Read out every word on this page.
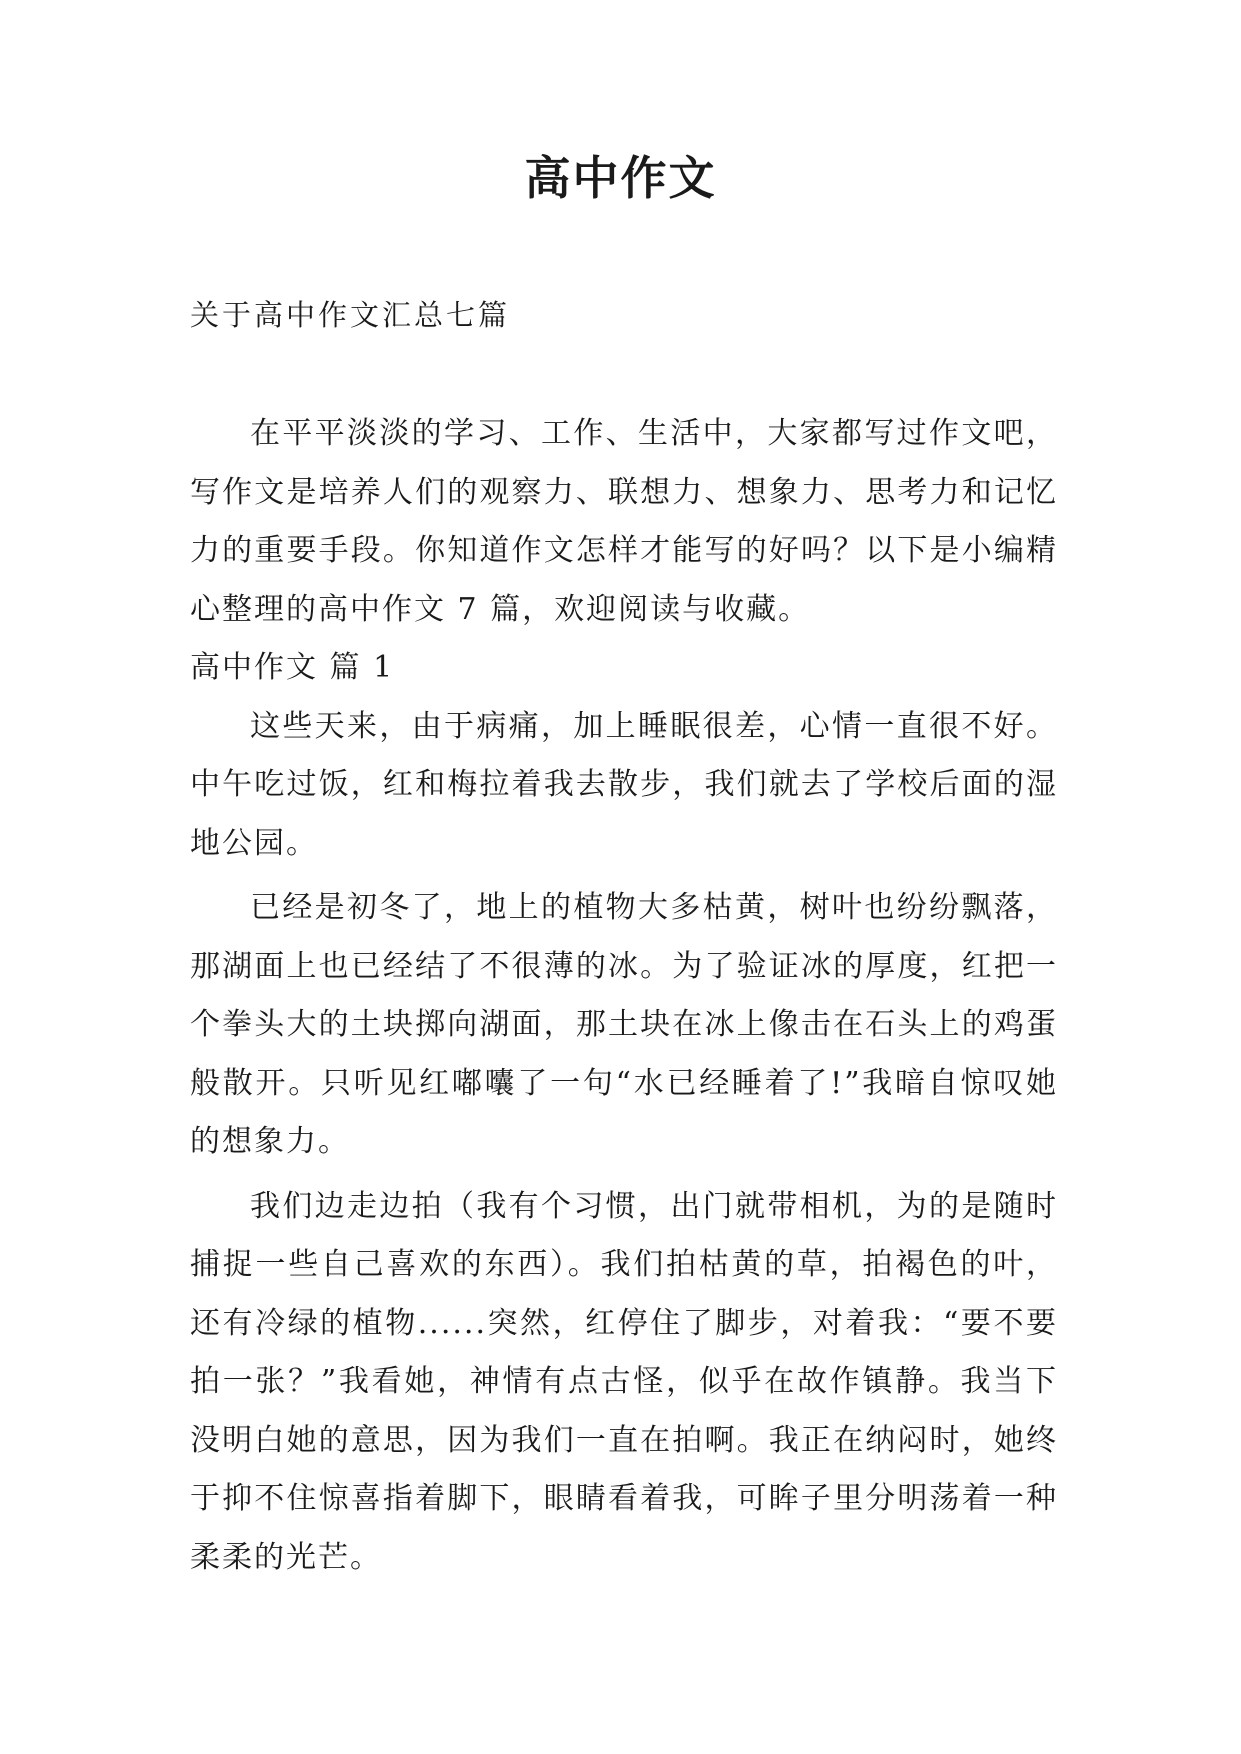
高中作文

关于高中作文汇总七篇

在平平淡淡的学习、工作、生活中，大家都写过作文吧，写作文是培养人们的观察力、联想力、想象力、思考力和记忆力的重要手段。你知道作文怎样才能写的好吗？以下是小编精心整理的高中作文 7 篇，欢迎阅读与收藏。

高中作文 篇 1

这些天来，由于病痛，加上睡眠很差，心情一直很不好。中午吃过饭，红和梅拉着我去散步，我们就去了学校后面的湿地公园。

已经是初冬了，地上的植物大多枯黄，树叶也纷纷飘落，那湖面上也已经结了不很薄的冰。为了验证冰的厚度，红把一个拳头大的土块掷向湖面，那土块在冰上像击在石头上的鸡蛋般散开。只听见红嘟囔了一句“水已经睡着了!”我暗自惊叹她的想象力。

我们边走边拍（我有个习惯，出门就带相机，为的是随时捕捉一些自己喜欢的东西）。我们拍枯黄的草，拍褐色的叶，还有冷绿的植物......突然，红停住了脚步，对着我：“要不要拍一张？”我看她，神情有点古怪，似乎在故作镇静。我当下没明白她的意思，因为我们一直在拍啊。我正在纳闷时，她终于抑不住惊喜指着脚下，眼睛看着我，可眸子里分明荡着一种柔柔的光芒。
